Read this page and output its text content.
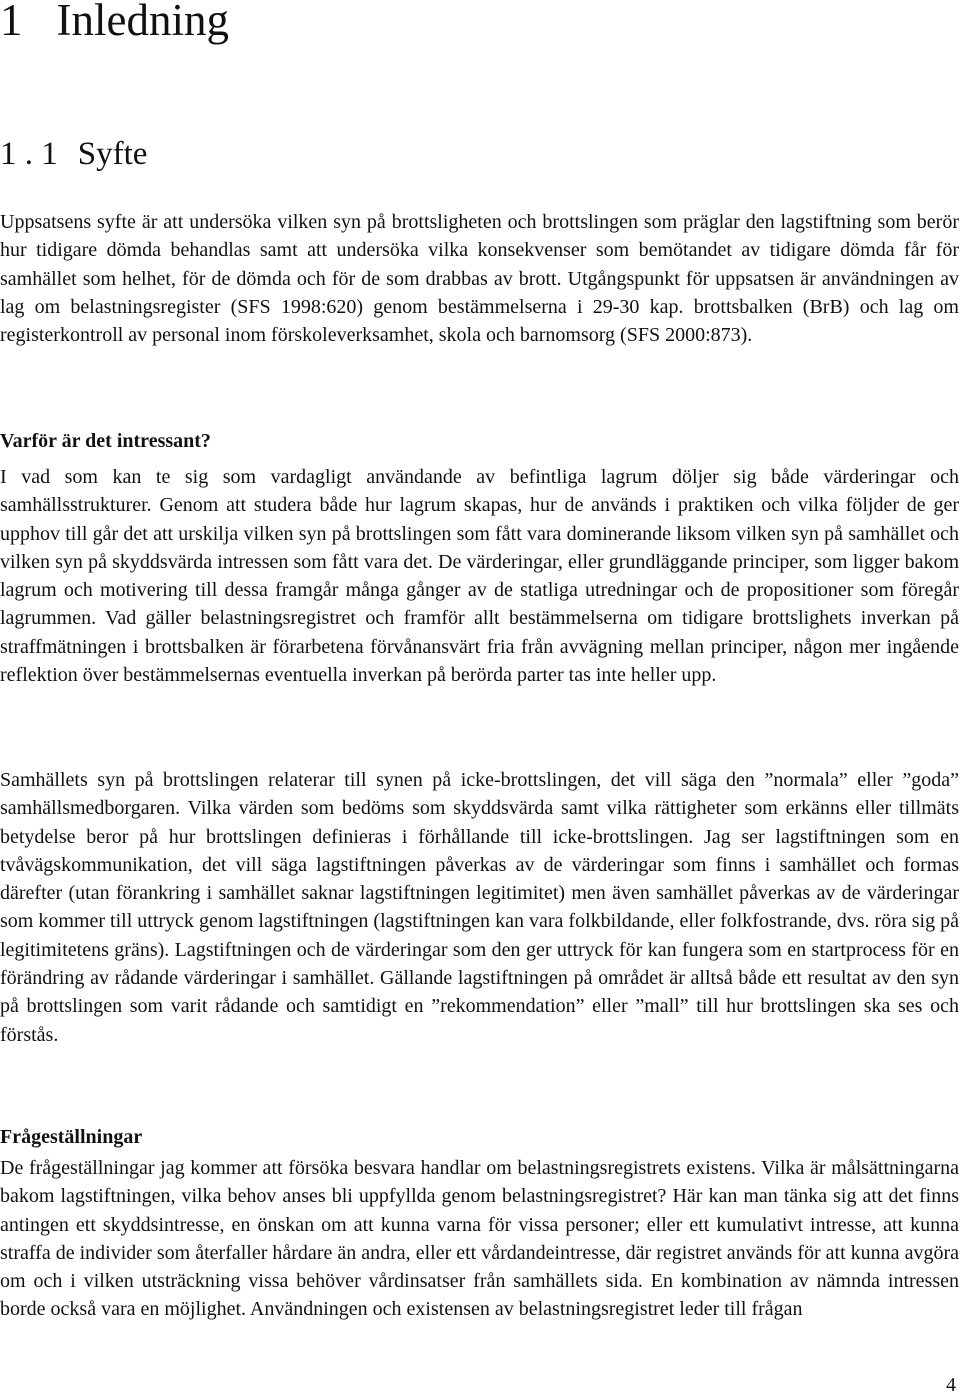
1 Inledning
1 . 1 Syfte

Uppsatsens syfte är att undersöka vilken syn på brottsligheten och brottslingen som präglar den lagstiftning som berör hur tidigare dömda behandlas samt att undersöka vilka konsekvenser som bemötandet av tidigare dömda får för samhället som helhet, för de dömda och för de som drabbas av brott. Utgångspunkt för uppsatsen är användningen av lag om belastningsregister (SFS 1998:620) genom bestämmelserna i 29-30 kap. brottsbalken (BrB) och lag om registerkontroll av personal inom förskoleverksamhet, skola och barnomsorg (SFS 2000:873).

Varför är det intressant?

I vad som kan te sig som vardagligt användande av befintliga lagrum döljer sig både värderingar och samhällsstrukturer. Genom att studera både hur lagrum skapas, hur de används i praktiken och vilka följder de ger upphov till går det att urskilja vilken syn på brottslingen som fått vara dominerande liksom vilken syn på samhället och vilken syn på skyddsvärda intressen som fått vara det. De värderingar, eller grundläggande principer, som ligger bakom lagrum och motivering till dessa framgår många gånger av de statliga utredningar och de propositioner som föregår lagrummen. Vad gäller belastningsregistret och framför allt bestämmelserna om tidigare brottslighets inverkan på straffmätningen i brottsbalken är förarbetena förvånansvärt fria från avvägning mellan principer, någon mer ingående reflektion över bestämmelsernas eventuella inverkan på berörda parter tas inte heller upp.

Samhällets syn på brottslingen relaterar till synen på icke-brottslingen, det vill säga den ”normala” eller ”goda” samhällsmedborgaren. Vilka värden som bedöms som skyddsvärda samt vilka rättigheter som erkänns eller tillmäts betydelse beror på hur brottslingen definieras i förhållande till icke-brottslingen. Jag ser lagstiftningen som en tvåvägskommunikation, det vill säga lagstiftningen påverkas av de värderingar som finns i samhället och formas därefter (utan förankring i samhället saknar lagstiftningen legitimitet) men även samhället påverkas av de värderingar som kommer till uttryck genom lagstiftningen (lagstiftningen kan vara folkbildande, eller folkfostrande, dvs. röra sig på legitimitetens gräns). Lagstiftningen och de värderingar som den ger uttryck för kan fungera som en startprocess för en förändring av rådande värderingar i samhället. Gällande lagstiftningen på området är alltså både ett resultat av den syn på brottslingen som varit rådande och samtidigt en ”rekommendation” eller ”mall” till hur brottslingen ska ses och förstås.

Frågeställningar

De frågeställningar jag kommer att försöka besvara handlar om belastningsregistrets existens. Vilka är målsättningarna bakom lagstiftningen, vilka behov anses bli uppfyllda genom belastningsregistret? Här kan man tänka sig att det finns antingen ett skyddsintresse, en önskan om att kunna varna för vissa personer; eller ett kumulativt intresse, att kunna straffa de individer som återfaller hårdare än andra, eller ett vårdandeintresse, där registret används för att kunna avgöra om och i vilken utsträckning vissa behöver vårdinsatser från samhällets sida. En kombination av nämnda intressen borde också vara en möjlighet. Användningen och existensen av belastningsregistret leder till frågan

4
